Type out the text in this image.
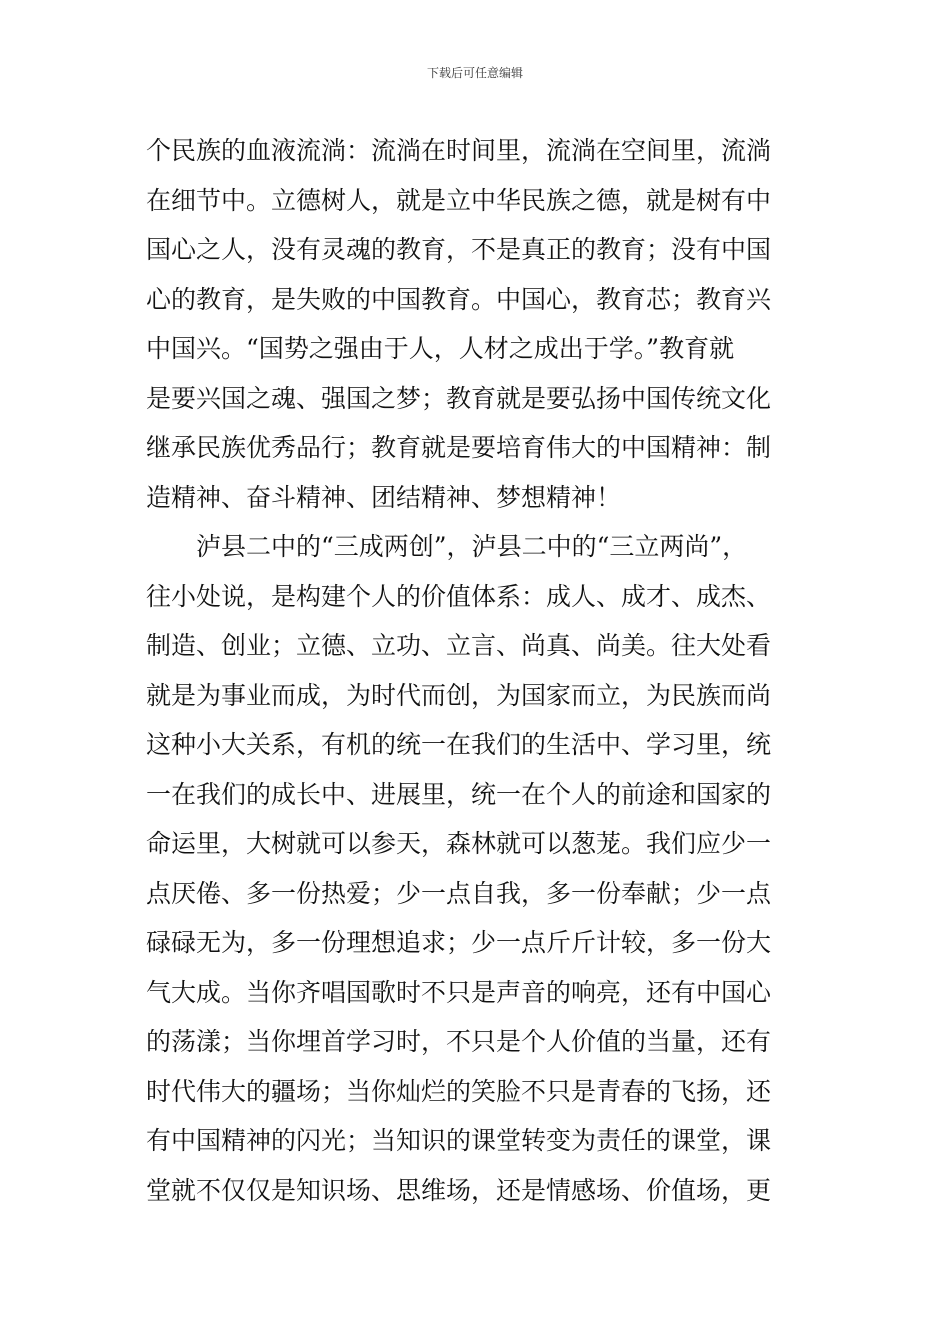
下载后可任意编辑
个民族的血液流淌：流淌在时间里，流淌在空间里，流淌
在细节中。立德树人，就是立中华民族之德，就是树有中
国心之人，没有灵魂的教育，不是真正的教育；没有中国
心的教育，是失败的中国教育。中国心，教育芯；教育兴
中国兴。“国势之强由于人，人材之成出于学。”教育就
是要兴国之魂、强国之梦；教育就是要弘扬中国传统文化
继承民族优秀品行；教育就是要培育伟大的中国精神：制
造精神、奋斗精神、团结精神、梦想精神！
泸县二中的“三成两创”，泸县二中的“三立两尚”，
往小处说，是构建个人的价值体系：成人、成才、成杰、
制造、创业；立德、立功、立言、尚真、尚美。往大处看
就是为事业而成，为时代而创，为国家而立，为民族而尚
这种小大关系，有机的统一在我们的生活中、学习里，统
一在我们的成长中、进展里，统一在个人的前途和国家的
命运里，大树就可以参天，森林就可以葱茏。我们应少一
点厌倦、多一份热爱；少一点自我，多一份奉献；少一点
碌碌无为，多一份理想追求；少一点斤斤计较，多一份大
气大成。当你齐唱国歌时不只是声音的响亮，还有中国心
的荡漾；当你埋首学习时，不只是个人价值的当量，还有
时代伟大的疆场；当你灿烂的笑脸不只是青春的飞扬，还
有中国精神的闪光；当知识的课堂转变为责任的课堂，课
堂就不仅仅是知识场、思维场，还是情感场、价值场，更
